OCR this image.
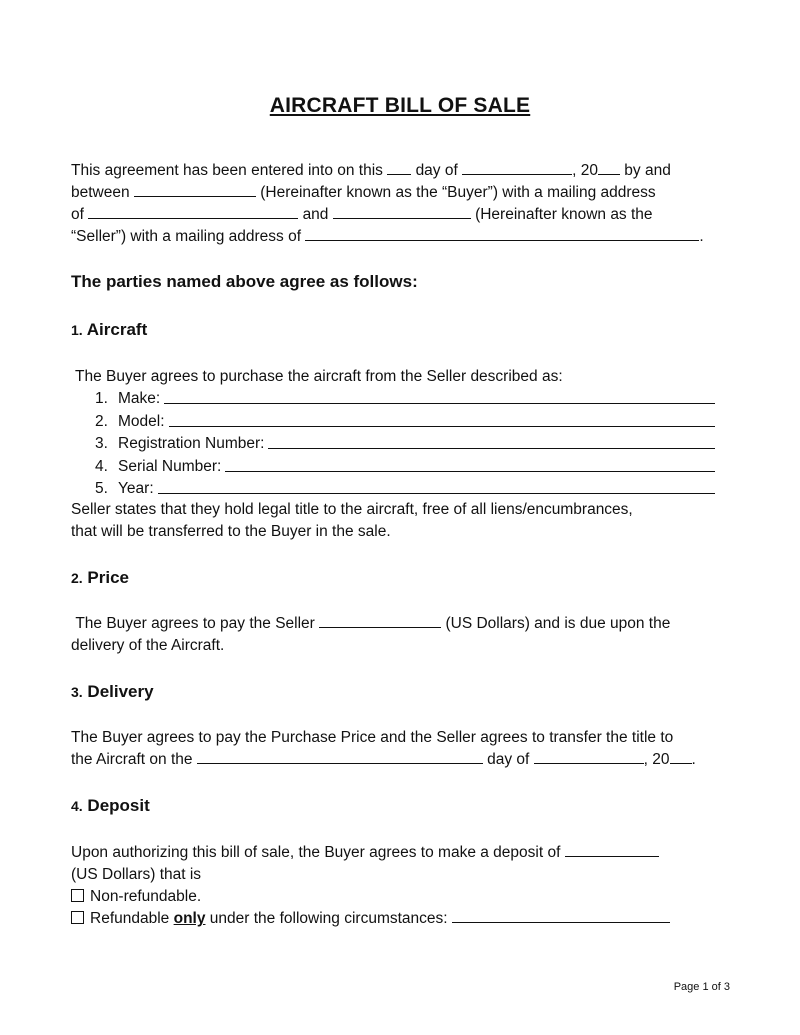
AIRCRAFT BILL OF SALE
This agreement has been entered into on this day of	, 20 by and
between	(Hereinafter known as the “Buyer”) with a mailing address
of	and	(Hereinafter known as the
“Seller”) with a mailing address of	.
The parties named above agree as follows:
1. Aircraft
The Buyer agrees to purchase the aircraft from the Seller described as:
1. Make:
2. Model:
3. Registration Number:
4. Serial Number:
5. Year:
Seller states that they hold legal title to the aircraft, free of all liens/encumbrances,
that will be transferred to the Buyer in the sale.
2. Price
The Buyer agrees to pay the Seller	(US Dollars) and is due upon the
delivery of the Aircraft.
3. Delivery
The Buyer agrees to pay the Purchase Price and the Seller agrees to transfer the title to
the Aircraft on the	day of	, 20 .
4. Deposit
Upon authorizing this bill of sale, the Buyer agrees to make a deposit of
(US Dollars) that is
Non-refundable.
Refundable only under the following circumstances:
Page 1 of 3
